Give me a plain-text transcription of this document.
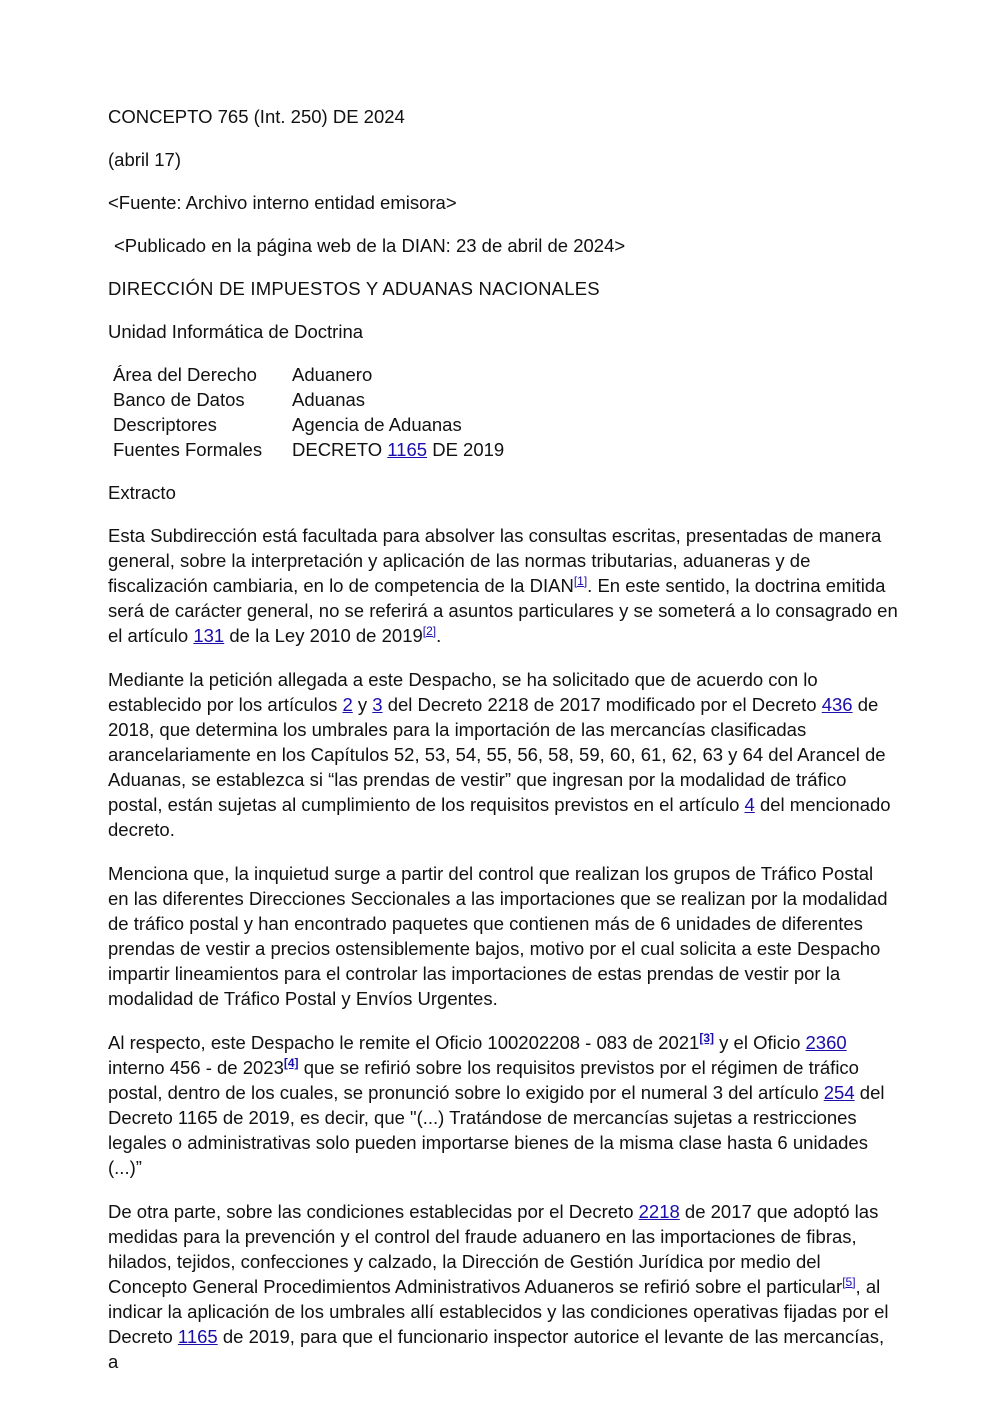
CONCEPTO 765 (Int. 250) DE 2024
(abril 17)
<Fuente: Archivo interno entidad emisora>
<Publicado en la página web de la DIAN: 23 de abril de 2024>
DIRECCIÓN DE IMPUESTOS Y ADUANAS NACIONALES
Unidad Informática de Doctrina
Área del Derecho	Aduanero
Banco de Datos	Aduanas
Descriptores	Agencia de Aduanas
Fuentes Formales	DECRETO 1165 DE 2019
Extracto

Esta Subdirección está facultada para absolver las consultas escritas, presentadas de manera general, sobre la interpretación y aplicación de las normas tributarias, aduaneras y de fiscalización cambiaria, en lo de competencia de la DIAN[1]. En este sentido, la doctrina emitida será de carácter general, no se referirá a asuntos particulares y se someterá a lo consagrado en el artículo 131 de la Ley 2010 de 2019[2].

Mediante la petición allegada a este Despacho, se ha solicitado que de acuerdo con lo establecido por los artículos 2 y 3 del Decreto 2218 de 2017 modificado por el Decreto 436 de 2018, que determina los umbrales para la importación de las mercancías clasificadas arancelariamente en los Capítulos 52, 53, 54, 55, 56, 58, 59, 60, 61, 62, 63 y 64 del Arancel de Aduanas, se establezca si “las prendas de vestir” que ingresan por la modalidad de tráfico postal, están sujetas al cumplimiento de los requisitos previstos en el artículo 4 del mencionado decreto.

Menciona que, la inquietud surge a partir del control que realizan los grupos de Tráfico Postal en las diferentes Direcciones Seccionales a las importaciones que se realizan por la modalidad de tráfico postal y han encontrado paquetes que contienen más de 6 unidades de diferentes prendas de vestir a precios ostensiblemente bajos, motivo por el cual solicita a este Despacho impartir lineamientos para el controlar las importaciones de estas prendas de vestir por la modalidad de Tráfico Postal y Envíos Urgentes.

Al respecto, este Despacho le remite el Oficio 100202208 - 083 de 2021[3] y el Oficio 2360 interno 456 - de 2023[4] que se refirió sobre los requisitos previstos por el régimen de tráfico postal, dentro de los cuales, se pronunció sobre lo exigido por el numeral 3 del artículo 254 del Decreto 1165 de 2019, es decir, que "(...) Tratándose de mercancías sujetas a restricciones legales o administrativas solo pueden importarse bienes de la misma clase hasta 6 unidades (...)”

De otra parte, sobre las condiciones establecidas por el Decreto 2218 de 2017 que adoptó las medidas para la prevención y el control del fraude aduanero en las importaciones de fibras, hilados, tejidos, confecciones y calzado, la Dirección de Gestión Jurídica por medio del Concepto General Procedimientos Administrativos Aduaneros se refirió sobre el particular[5], al indicar la aplicación de los umbrales allí establecidos y las condiciones operativas fijadas por el Decreto 1165 de 2019, para que el funcionario inspector autorice el levante de las mercancías, a
